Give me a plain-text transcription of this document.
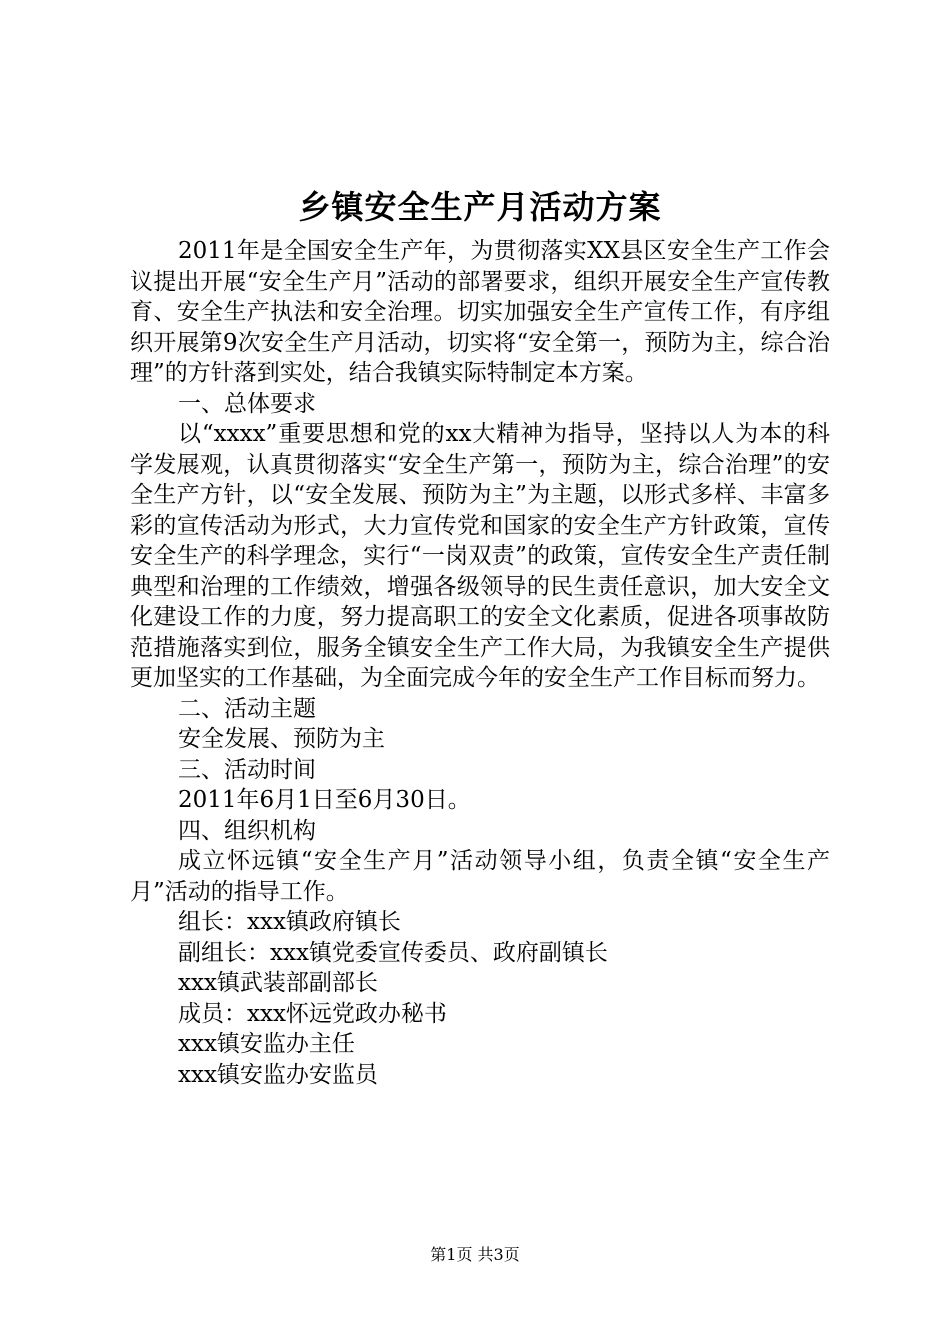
乡镇安全生产月活动方案

2011年是全国安全生产年，为贯彻落实XX县区安全生产工作会议提出开展“安全生产月”活动的部署要求，组织开展安全生产宣传教育、安全生产执法和安全治理。切实加强安全生产宣传工作，有序组织开展第9次安全生产月活动，切实将“安全第一，预防为主，综合治理”的方针落到实处，结合我镇实际特制定本方案。

一、总体要求

以“xxxx”重要思想和党的xx大精神为指导，坚持以人为本的科学发展观，认真贯彻落实“安全生产第一，预防为主，综合治理”的安全生产方针，以“安全发展、预防为主”为主题，以形式多样、丰富多彩的宣传活动为形式，大力宣传党和国家的安全生产方针政策，宣传安全生产的科学理念，实行“一岗双责”的政策，宣传安全生产责任制典型和治理的工作绩效，增强各级领导的民生责任意识，加大安全文化建设工作的力度，努力提高职工的安全文化素质，促进各项事故防范措施落实到位，服务全镇安全生产工作大局，为我镇安全生产提供更加坚实的工作基础，为全面完成今年的安全生产工作目标而努力。

二、活动主题

安全发展、预防为主

三、活动时间

2011年6月1日至6月30日。

四、组织机构

成立怀远镇“安全生产月”活动领导小组，负责全镇“安全生产月”活动的指导工作。

组长：xxx镇政府镇长

副组长：xxx镇党委宣传委员、政府副镇长

xxx镇武装部副部长

成员：xxx怀远党政办秘书

xxx镇安监办主任

xxx镇安监办安监员

第1页 共3页
